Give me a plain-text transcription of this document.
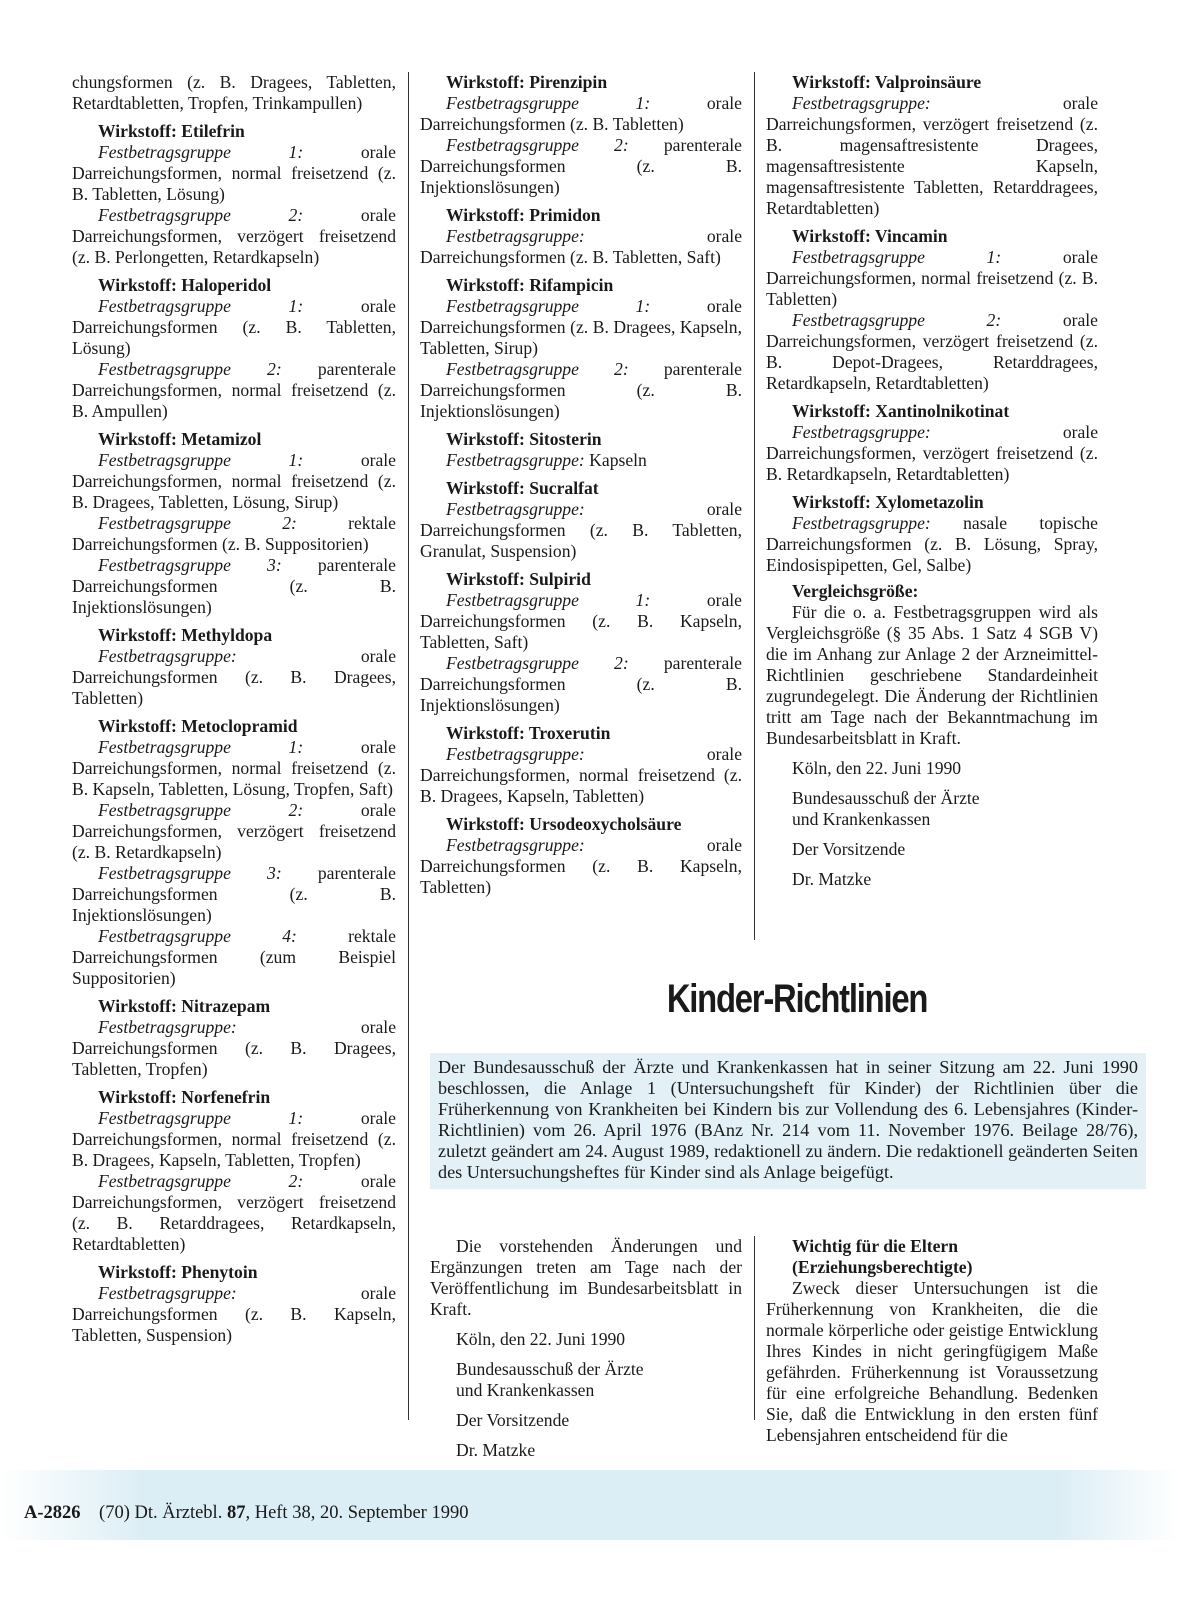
chungsformen (z. B. Dragees, Tabletten, Retardtabletten, Tropfen, Trinkampullen)
Wirkstoff: Etilefrin
Festbetragsgruppe 1: orale Darreichungsformen, normal freisetzend (z. B. Tabletten, Lösung)
Festbetragsgruppe 2: orale Darreichungsformen, verzögert freisetzend (z. B. Perlongetten, Retardkapseln)
Wirkstoff: Haloperidol
Festbetragsgruppe 1: orale Darreichungsformen (z. B. Tabletten, Lösung)
Festbetragsgruppe 2: parenterale Darreichungsformen, normal freisetzend (z. B. Ampullen)
Wirkstoff: Metamizol
Festbetragsgruppe 1: orale Darreichungsformen, normal freisetzend (z. B. Dragees, Tabletten, Lösung, Sirup)
Festbetragsgruppe 2: rektale Darreichungsformen (z. B. Suppositorien)
Festbetragsgruppe 3: parenterale Darreichungsformen (z. B. Injektionslösungen)
Wirkstoff: Methyldopa
Festbetragsgruppe: orale Darreichungsformen (z. B. Dragees, Tabletten)
Wirkstoff: Metoclopramid
Festbetragsgruppe 1: orale Darreichungsformen, normal freisetzend (z. B. Kapseln, Tabletten, Lösung, Tropfen, Saft)
Festbetragsgruppe 2: orale Darreichungsformen, verzögert freisetzend (z. B. Retardkapseln)
Festbetragsgruppe 3: parenterale Darreichungsformen (z. B. Injektionslösungen)
Festbetragsgruppe 4: rektale Darreichungsformen (zum Beispiel Suppositorien)
Wirkstoff: Nitrazepam
Festbetragsgruppe: orale Darreichungsformen (z. B. Dragees, Tabletten, Tropfen)
Wirkstoff: Norfenefrin
Festbetragsgruppe 1: orale Darreichungsformen, normal freisetzend (z. B. Dragees, Kapseln, Tabletten, Tropfen)
Festbetragsgruppe 2: orale Darreichungsformen, verzögert freisetzend (z. B. Retarddragees, Retardkapseln, Retardtabletten)
Wirkstoff: Phenytoin
Festbetragsgruppe: orale Darreichungsformen (z. B. Kapseln, Tabletten, Suspension)
Wirkstoff: Pirenzipin
Festbetragsgruppe 1: orale Darreichungsformen (z. B. Tabletten)
Festbetragsgruppe 2: parenterale Darreichungsformen (z. B. Injektionslösungen)
Wirkstoff: Primidon
Festbetragsgruppe: orale Darreichungsformen (z. B. Tabletten, Saft)
Wirkstoff: Rifampicin
Festbetragsgruppe 1: orale Darreichungsformen (z. B. Dragees, Kapseln, Tabletten, Sirup)
Festbetragsgruppe 2: parenterale Darreichungsformen (z. B. Injektionslösungen)
Wirkstoff: Sitosterin
Festbetragsgruppe: Kapseln
Wirkstoff: Sucralfat
Festbetragsgruppe: orale Darreichungsformen (z. B. Tabletten, Granulat, Suspension)
Wirkstoff: Sulpirid
Festbetragsgruppe 1: orale Darreichungsformen (z. B. Kapseln, Tabletten, Saft)
Festbetragsgruppe 2: parenterale Darreichungsformen (z. B. Injektionslösungen)
Wirkstoff: Troxerutin
Festbetragsgruppe: orale Darreichungsformen, normal freisetzend (z. B. Dragees, Kapseln, Tabletten)
Wirkstoff: Ursodeoxycholsäure
Festbetragsgruppe: orale Darreichungsformen (z. B. Kapseln, Tabletten)
Wirkstoff: Valproinsäure
Festbetragsgruppe: orale Darreichungsformen, verzögert freisetzend (z. B. magensaftresistente Dragees, magensaftresistente Kapseln, magensaftresistente Tabletten, Retarddragees, Retardtabletten)
Wirkstoff: Vincamin
Festbetragsgruppe 1: orale Darreichungsformen, normal freisetzend (z. B. Tabletten)
Festbetragsgruppe 2: orale Darreichungsformen, verzögert freisetzend (z. B. Depot-Dragees, Retarddragees, Retardkapseln, Retardtabletten)
Wirkstoff: Xantinolnikotinat
Festbetragsgruppe: orale Darreichungsformen, verzögert freisetzend (z. B. Retardkapseln, Retardtabletten)
Wirkstoff: Xylometazolin
Festbetragsgruppe: nasale topische Darreichungsformen (z. B. Lösung, Spray, Eindosispipetten, Gel, Salbe)
Vergleichsgröße:
Für die o. a. Festbetragsgruppen wird als Vergleichsgröße (§ 35 Abs. 1 Satz 4 SGB V) die im Anhang zur Anlage 2 der Arzneimittel-Richtlinien geschriebene Standardeinheit zugrundegelegt. Die Änderung der Richtlinien tritt am Tage nach der Bekanntmachung im Bundesarbeitsblatt in Kraft.
Köln, den 22. Juni 1990
Bundesausschuß der Ärzte
und Krankenkassen
Der Vorsitzende
Dr. Matzke
Kinder-Richtlinien
Der Bundesausschuß der Ärzte und Krankenkassen hat in seiner Sitzung am 22. Juni 1990 beschlossen, die Anlage 1 (Untersuchungsheft für Kinder) der Richtlinien über die Früherkennung von Krankheiten bei Kindern bis zur Vollendung des 6. Lebensjahres (Kinder-Richtlinien) vom 26. April 1976 (BAnz Nr. 214 vom 11. November 1976. Beilage 28/76), zuletzt geändert am 24. August 1989, redaktionell zu ändern. Die redaktionell geänderten Seiten des Untersuchungsheftes für Kinder sind als Anlage beigefügt.
Die vorstehenden Änderungen und Ergänzungen treten am Tage nach der Veröffentlichung im Bundesarbeitsblatt in Kraft.
Köln, den 22. Juni 1990
Bundesausschuß der Ärzte
und Krankenkassen
Der Vorsitzende
Dr. Matzke
Wichtig für die Eltern
(Erziehungsberechtigte)
Zweck dieser Untersuchungen ist die Früherkennung von Krankheiten, die die normale körperliche oder geistige Entwicklung Ihres Kindes in nicht geringfügigem Maße gefährden. Früherkennung ist Voraussetzung für eine erfolgreiche Behandlung. Bedenken Sie, daß die Entwicklung in den ersten fünf Lebensjahren entscheidend für die
A-2826 (70) Dt. Ärztebl. 87, Heft 38, 20. September 1990
